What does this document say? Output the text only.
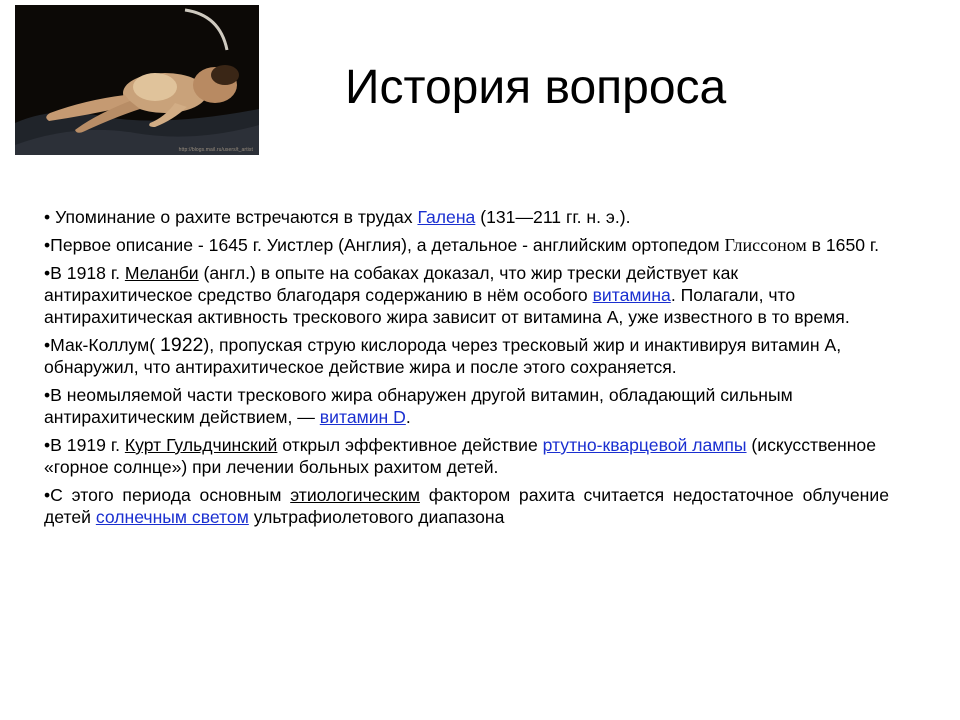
http://blogs.mail.ru/users/t_artist
История вопроса

• Упоминание о рахите встречаются в трудах Галена (131—211 гг. н. э.).

•Первое описание - 1645 г. Уистлер (Англия), а детальное - английским ортопедом Глиссоном в 1650 г.

•В 1918 г. Меланби (англ.) в опыте на собаках доказал, что жир трески действует как антирахитическое средство благодаря содержанию в нём особого витамина. Полагали, что антирахитическая активность трескового жира зависит от витамина А, уже известного в то время.

•Мак-Коллум( 1922), пропуская струю кислорода через тресковый жир и инактивируя витамин А, обнаружил, что антирахитическое действие жира и после этого сохраняется.

•В неомыляемой части трескового жира обнаружен другой витамин, обладающий сильным антирахитическим действием, — витамин D.

•В 1919 г. Курт Гульдчинский открыл эффективное действие ртутно-кварцевой лампы (искусственное «горное солнце») при лечении больных рахитом детей.

•С этого периода основным этиологическим фактором рахита считается недостаточное облучение детей солнечным светом ультрафиолетового диапазона
